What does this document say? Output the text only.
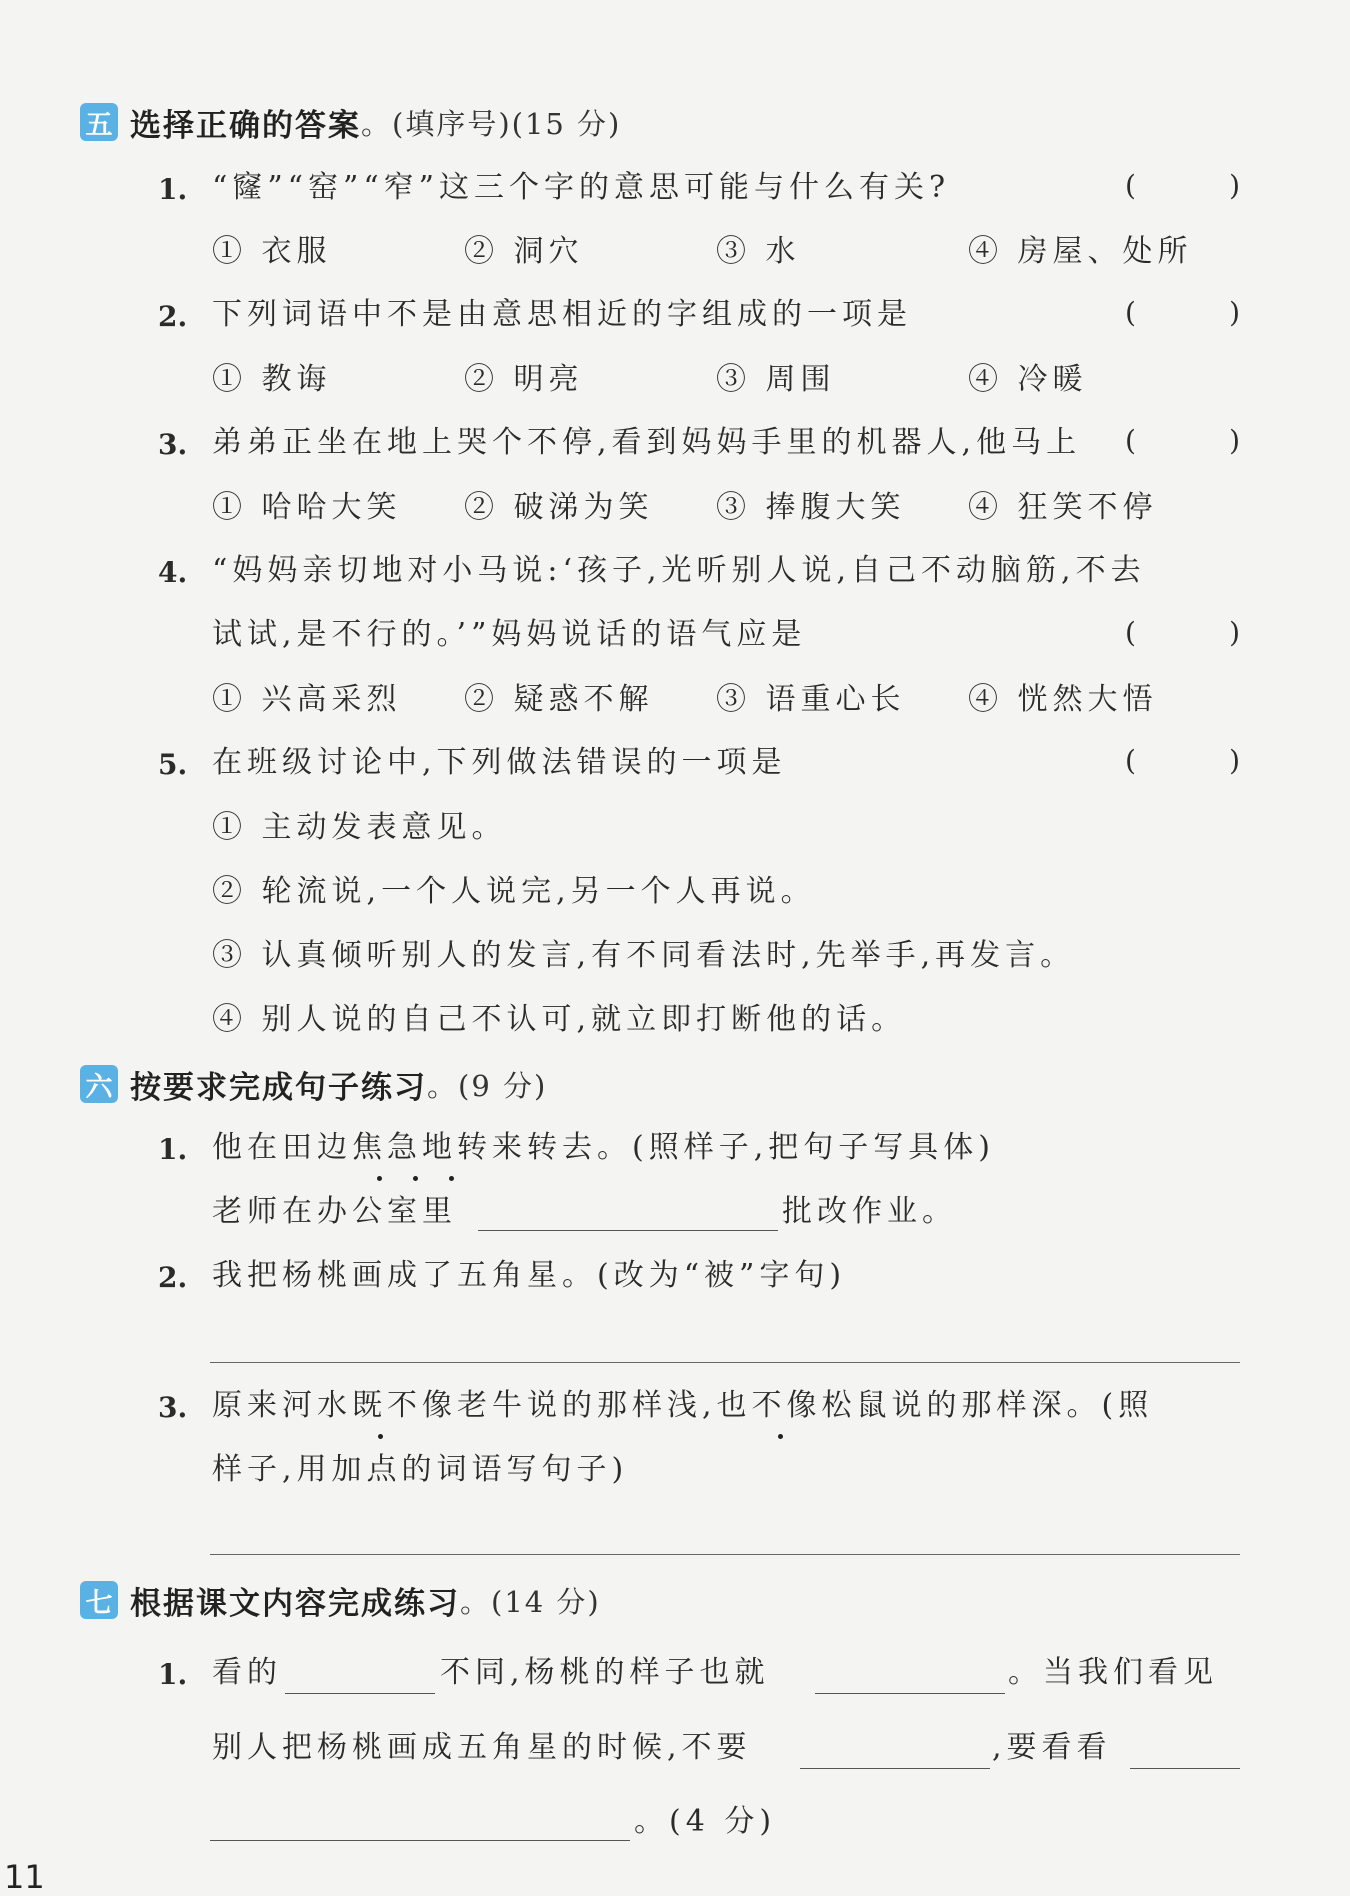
五 选择正确的答案 。(填序号)(15 分)
1. “窿”“窑”“窄”这三个字的意思可能与什么有关?	(	)
① 衣服	② 洞穴	③ 水	④ 房屋、处所
2. 下列词语中不是由意思相近的字组成的一项是	(	)
① 教诲	② 明亮	③ 周围	④ 冷暖
3. 弟弟正坐在地上哭个不停,看到妈妈手里的机器人,他马上 (	)
① 哈哈大笑 ② 破涕为笑 ③ 捧腹大笑 ④ 狂笑不停
4. “妈妈亲切地对小马说:‘孩子,光听别人说,自己不动脑筋,不去
试试,是不行的。’”妈妈说话的语气应是	(	)
① 兴高采烈 ② 疑惑不解 ③ 语重心长 ④ 恍然大悟
5. 在班级讨论中,下列做法错误的一项是	(	)
① 主动发表意见。
② 轮流说,一个人说完,另一个人再说。
③ 认真倾听别人的发言,有不同看法时,先举手,再发言。
④ 别人说的自己不认可,就立即打断他的话。
六 按要求完成句子练习 。(9 分)
1. 他在田边焦急地转来转去。(照样子,把句子写具体)
老师在办公室里	批改作业。
2. 我把杨桃画成了五角星。(改为“被”字句)
3. 原来河水既不像老牛说的那样浅,也不像松鼠说的那样深。(照
样子,用加点的词语写句子)
七 根据课文内容完成练习 。(14 分)
1. 看的	不同,杨桃的样子也就	。当我们看见
别人把杨桃画成五角星的时候,不要	,要看看
。(4 分)
11
